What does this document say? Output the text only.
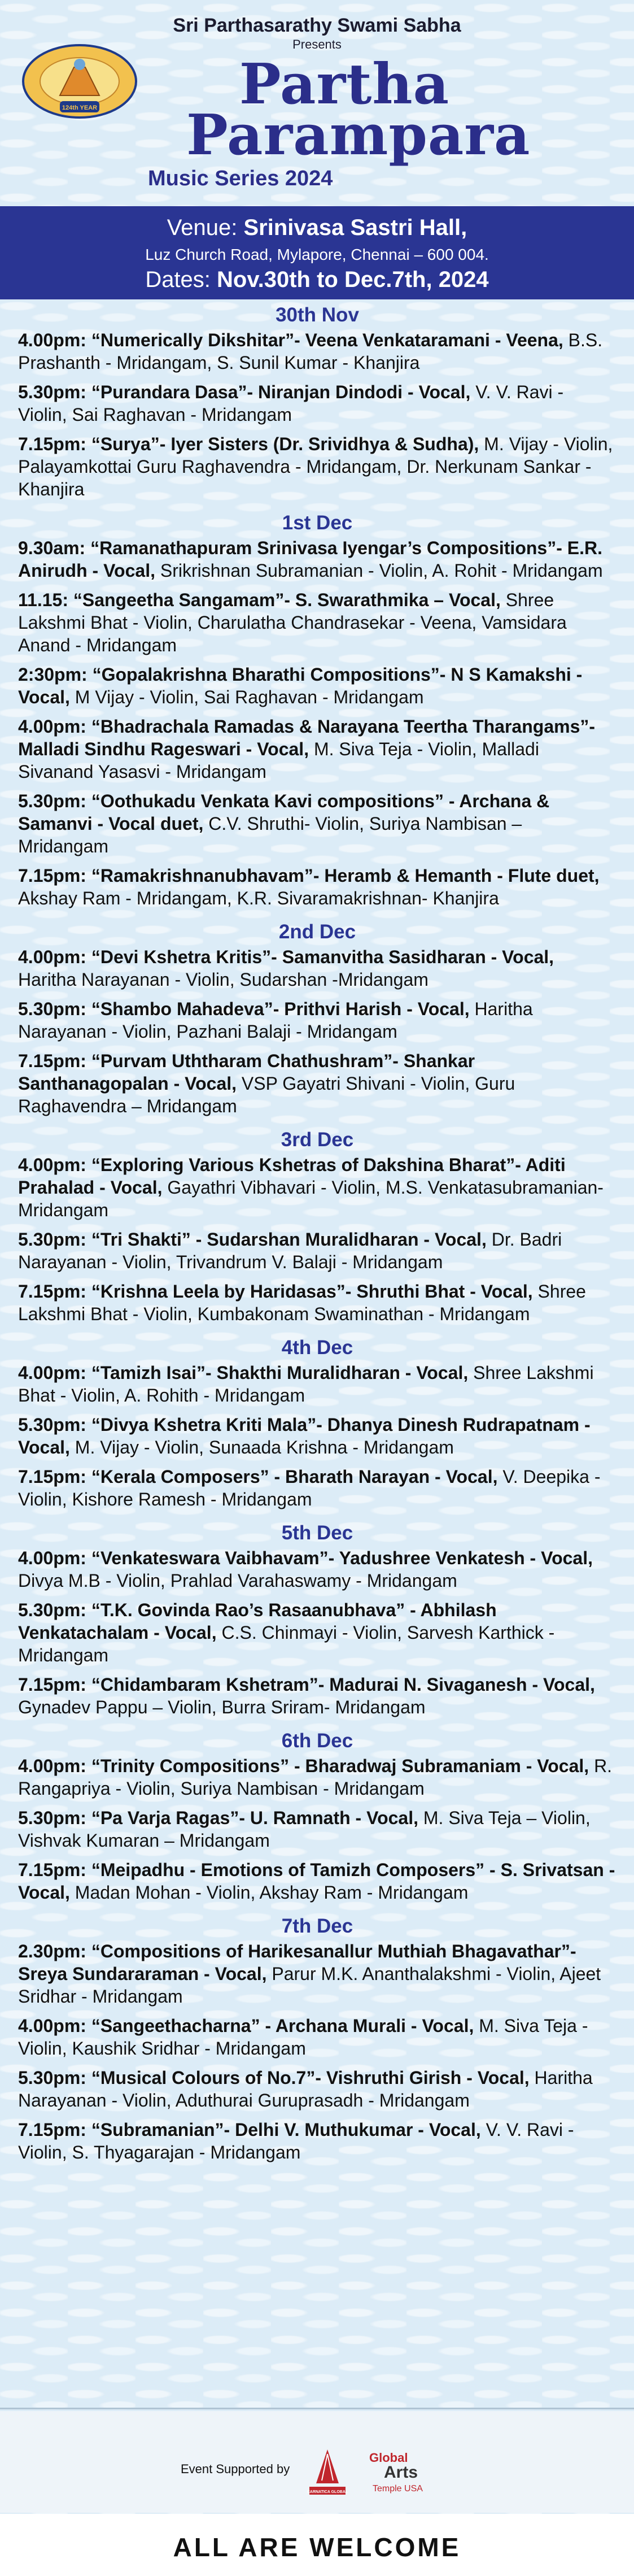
Sri Parthasarathy Swami Sabha
Presents
124th YEAR	Partha
Parampara
Music Series 2024
Venue: Srinivasa Sastri Hall,
Luz Church Road, Mylapore, Chennai – 600 004.
Dates: Nov.30th to Dec.7th, 2024
30th Nov
4.00pm: “Numerically Dikshitar”- Veena Venkataramani - Veena, B.S. Prashanth - Mridangam, S. Sunil Kumar - Khanjira
5.30pm: “Purandara Dasa”- Niranjan Dindodi - Vocal, V. V. Ravi - Violin, Sai Raghavan - Mridangam
7.15pm: “Surya”- Iyer Sisters (Dr. Srividhya & Sudha), M. Vijay - Violin, Palayamkottai Guru Raghavendra - Mridangam, Dr. Nerkunam Sankar - Khanjira
1st Dec
9.30am: “Ramanathapuram Srinivasa Iyengar’s Compositions”- E.R. Anirudh - Vocal, Srikrishnan Subramanian - Violin, A. Rohit - Mridangam
11.15: “Sangeetha Sangamam”- S. Swarathmika – Vocal, Shree Lakshmi Bhat - Violin, Charulatha Chandrasekar - Veena, Vamsidara Anand - Mridangam
2:30pm: “Gopalakrishna Bharathi Compositions”- N S Kamakshi - Vocal, M Vijay - Violin, Sai Raghavan - Mridangam
4.00pm: “Bhadrachala Ramadas & Narayana Teertha Tharangams”- Malladi Sindhu Rageswari - Vocal, M. Siva Teja - Violin, Malladi Sivanand Yasasvi - Mridangam
5.30pm: “Oothukadu Venkata Kavi compositions” - Archana & Samanvi - Vocal duet, C.V. Shruthi- Violin, Suriya Nambisan – Mridangam
7.15pm: “Ramakrishnanubhavam”- Heramb & Hemanth - Flute duet, Akshay Ram - Mridangam, K.R. Sivaramakrishnan- Khanjira
2nd Dec
4.00pm: “Devi Kshetra Kritis”- Samanvitha Sasidharan - Vocal, Haritha Narayanan - Violin, Sudarshan -Mridangam
5.30pm: “Shambo Mahadeva”- Prithvi Harish - Vocal, Haritha Narayanan - Violin, Pazhani Balaji - Mridangam
7.15pm: “Purvam Uththaram Chathushram”- Shankar Santhanagopalan - Vocal, VSP Gayatri Shivani - Violin, Guru Raghavendra – Mridangam
3rd Dec
4.00pm: “Exploring Various Kshetras of Dakshina Bharat”- Aditi Prahalad - Vocal, Gayathri Vibhavari - Violin, M.S. Venkatasubramanian- Mridangam
5.30pm: “Tri Shakti” - Sudarshan Muralidharan - Vocal, Dr. Badri Narayanan - Violin, Trivandrum V. Balaji - Mridangam
7.15pm: “Krishna Leela by Haridasas”- Shruthi Bhat - Vocal, Shree Lakshmi Bhat - Violin, Kumbakonam Swaminathan - Mridangam
4th Dec
4.00pm: “Tamizh Isai”- Shakthi Muralidharan - Vocal, Shree Lakshmi Bhat - Violin, A. Rohith - Mridangam
5.30pm: “Divya Kshetra Kriti Mala”- Dhanya Dinesh Rudrapatnam - Vocal, M. Vijay - Violin, Sunaada Krishna - Mridangam
7.15pm: “Kerala Composers” - Bharath Narayan - Vocal, V. Deepika - Violin, Kishore Ramesh - Mridangam
5th Dec
4.00pm: “Venkateswara Vaibhavam”- Yadushree Venkatesh - Vocal, Divya M.B - Violin, Prahlad Varahaswamy - Mridangam
5.30pm: “T.K. Govinda Rao’s Rasaanubhava” - Abhilash Venkatachalam - Vocal, C.S. Chinmayi - Violin, Sarvesh Karthick - Mridangam
7.15pm: “Chidambaram Kshetram”- Madurai N. Sivaganesh - Vocal, Gynadev Pappu – Violin, Burra Sriram- Mridangam
6th Dec
4.00pm: “Trinity Compositions” - Bharadwaj Subramaniam - Vocal, R. Rangapriya - Violin, Suriya Nambisan - Mridangam
5.30pm: “Pa Varja Ragas”- U. Ramnath - Vocal, M. Siva Teja – Violin, Vishvak Kumaran – Mridangam
7.15pm: “Meipadhu - Emotions of Tamizh Composers” - S. Srivatsan - Vocal, Madan Mohan - Violin, Akshay Ram - Mridangam
7th Dec
2.30pm: “Compositions of Harikesanallur Muthiah Bhagavathar”- Sreya Sundararaman - Vocal, Parur M.K. Ananthalakshmi - Violin, Ajeet Sridhar - Mridangam
4.00pm: “Sangeethacharna” - Archana Murali - Vocal, M. Siva Teja - Violin, Kaushik Sridhar - Mridangam
5.30pm: “Musical Colours of No.7”- Vishruthi Girish - Vocal, Haritha Narayanan - Violin, Aduthurai Guruprasadh - Mridangam
7.15pm: “Subramanian”- Delhi V. Muthukumar - Vocal, V. V. Ravi - Violin, S. Thyagarajan - Mridangam
Event Supported by
CARNATICA GLOBAL
Global
Arts
Temple USA
ALL ARE WELCOME
